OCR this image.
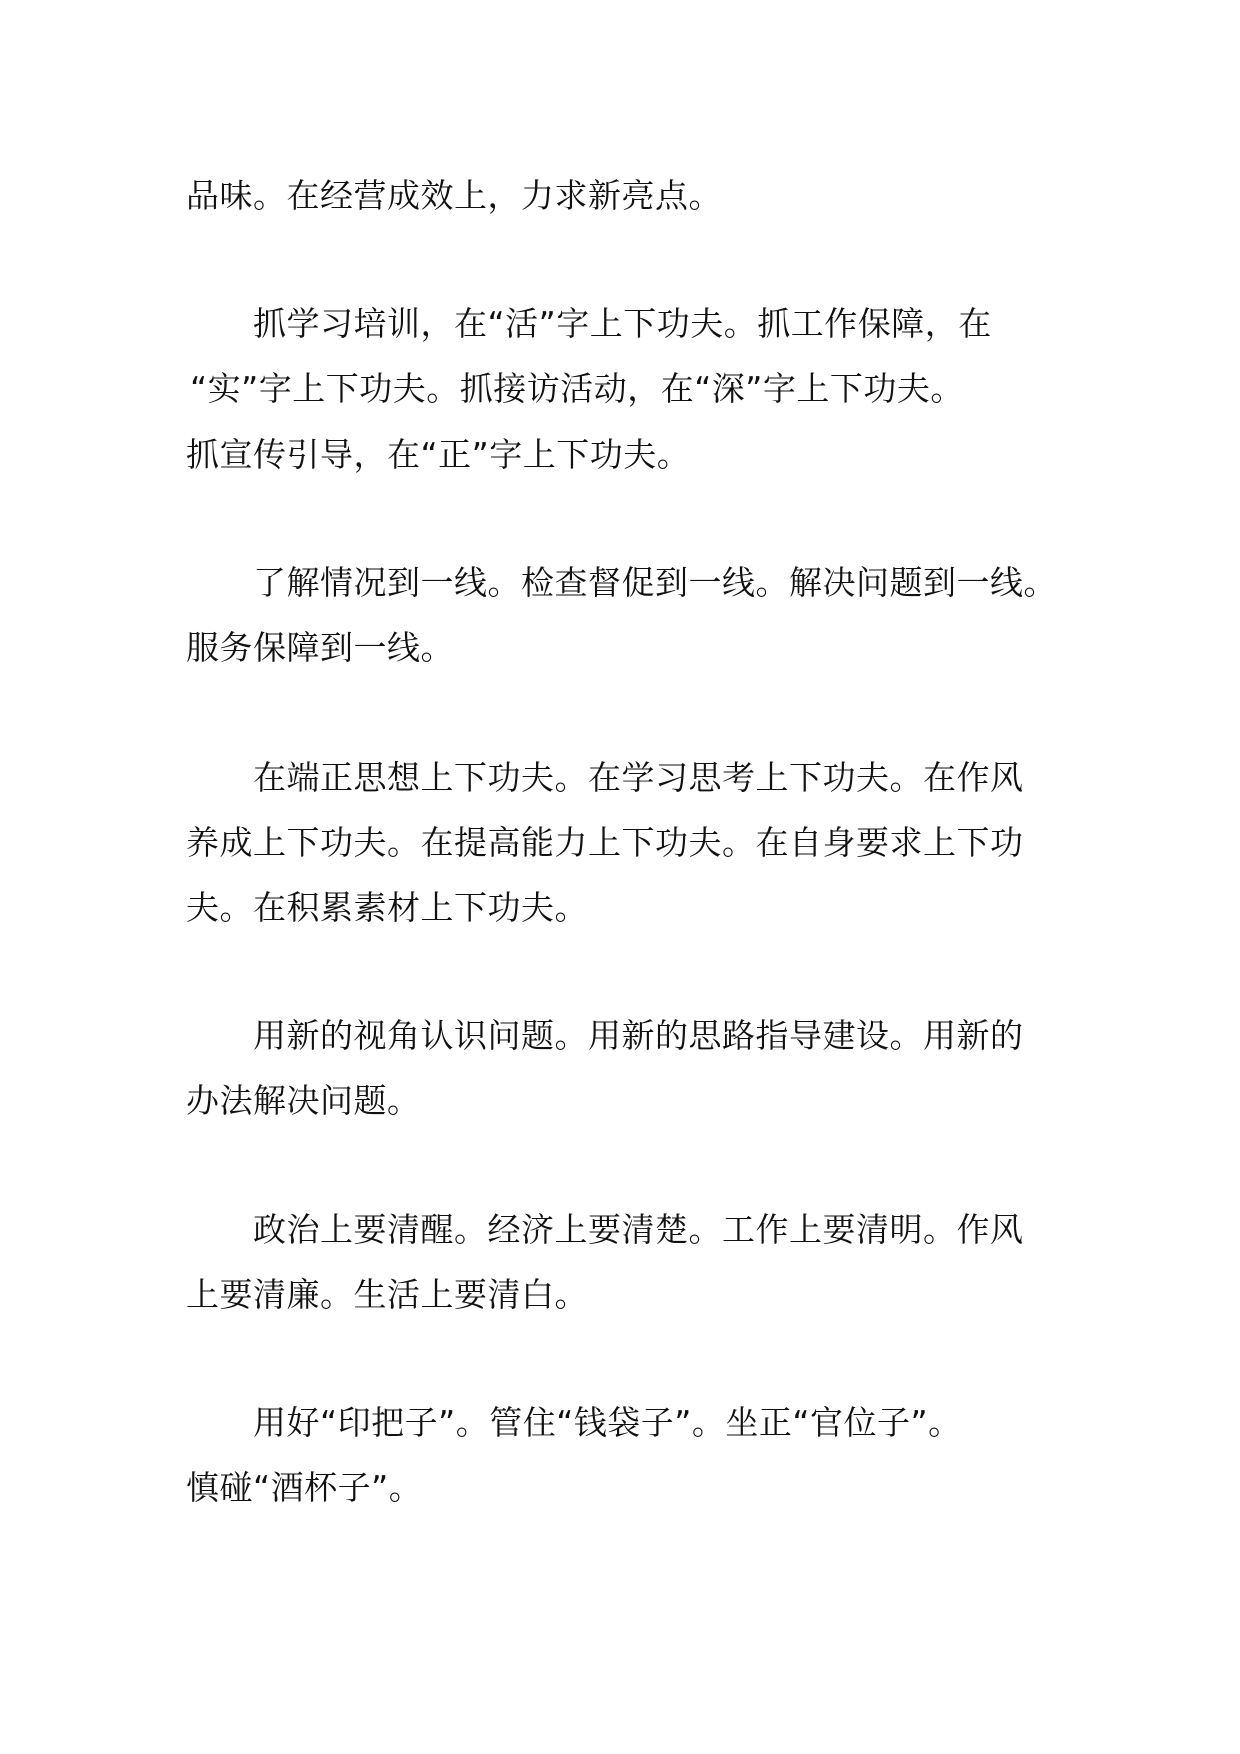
品味。在经营成效上，力求新亮点。
抓学习培训，在“活”字上下功夫。抓工作保障，在
“实”字上下功夫。抓接访活动，在“深”字上下功夫。
抓宣传引导，在“正”字上下功夫。
了解情况到一线。检查督促到一线。解决问题到一线。
服务保障到一线。
在端正思想上下功夫。在学习思考上下功夫。在作风
养成上下功夫。在提高能力上下功夫。在自身要求上下功
夫。在积累素材上下功夫。
用新的视角认识问题。用新的思路指导建设。用新的
办法解决问题。
政治上要清醒。经济上要清楚。工作上要清明。作风
上要清廉。生活上要清白。
用好“印把子”。管住“钱袋子”。坐正“官位子”。
慎碰“酒杯子”。
